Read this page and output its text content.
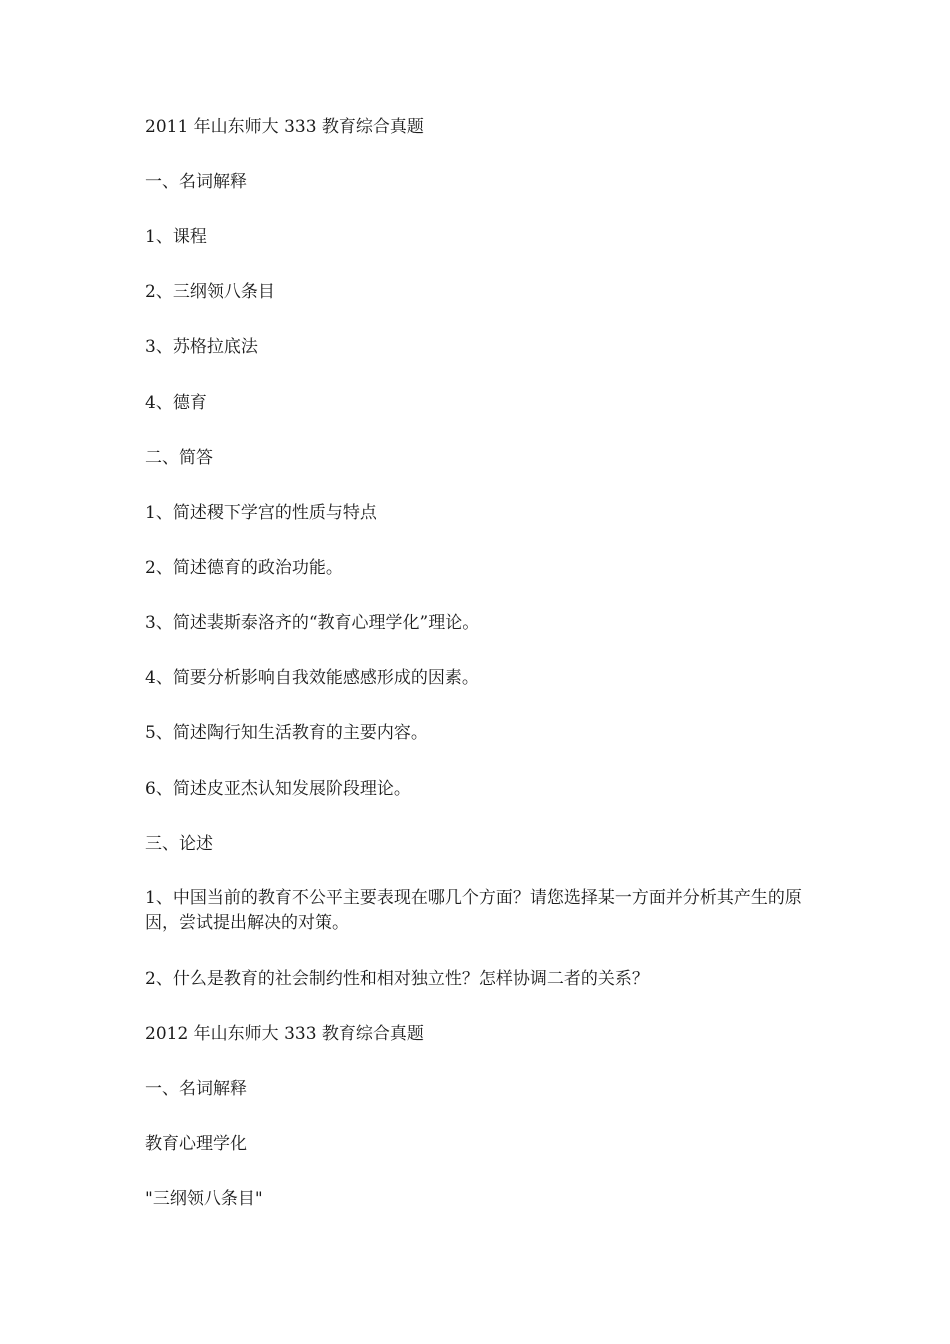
2011 年山东师大 333 教育综合真题
一、名词解释
1、课程
2、三纲领八条目
3、苏格拉底法
4、德育
二、简答
1、简述稷下学宫的性质与特点
2、简述德育的政治功能。
3、简述裴斯泰洛齐的“教育心理学化”理论。
4、简要分析影响自我效能感感形成的因素。
5、简述陶行知生活教育的主要内容。
6、简述皮亚杰认知发展阶段理论。
三、论述
1、中国当前的教育不公平主要表现在哪几个方面？请您选择某一方面并分析其产生的原因，尝试提出解决的对策。
2、什么是教育的社会制约性和相对独立性？怎样协调二者的关系？
2012 年山东师大 333 教育综合真题
一、名词解释
教育心理学化
"三纲领八条目"
